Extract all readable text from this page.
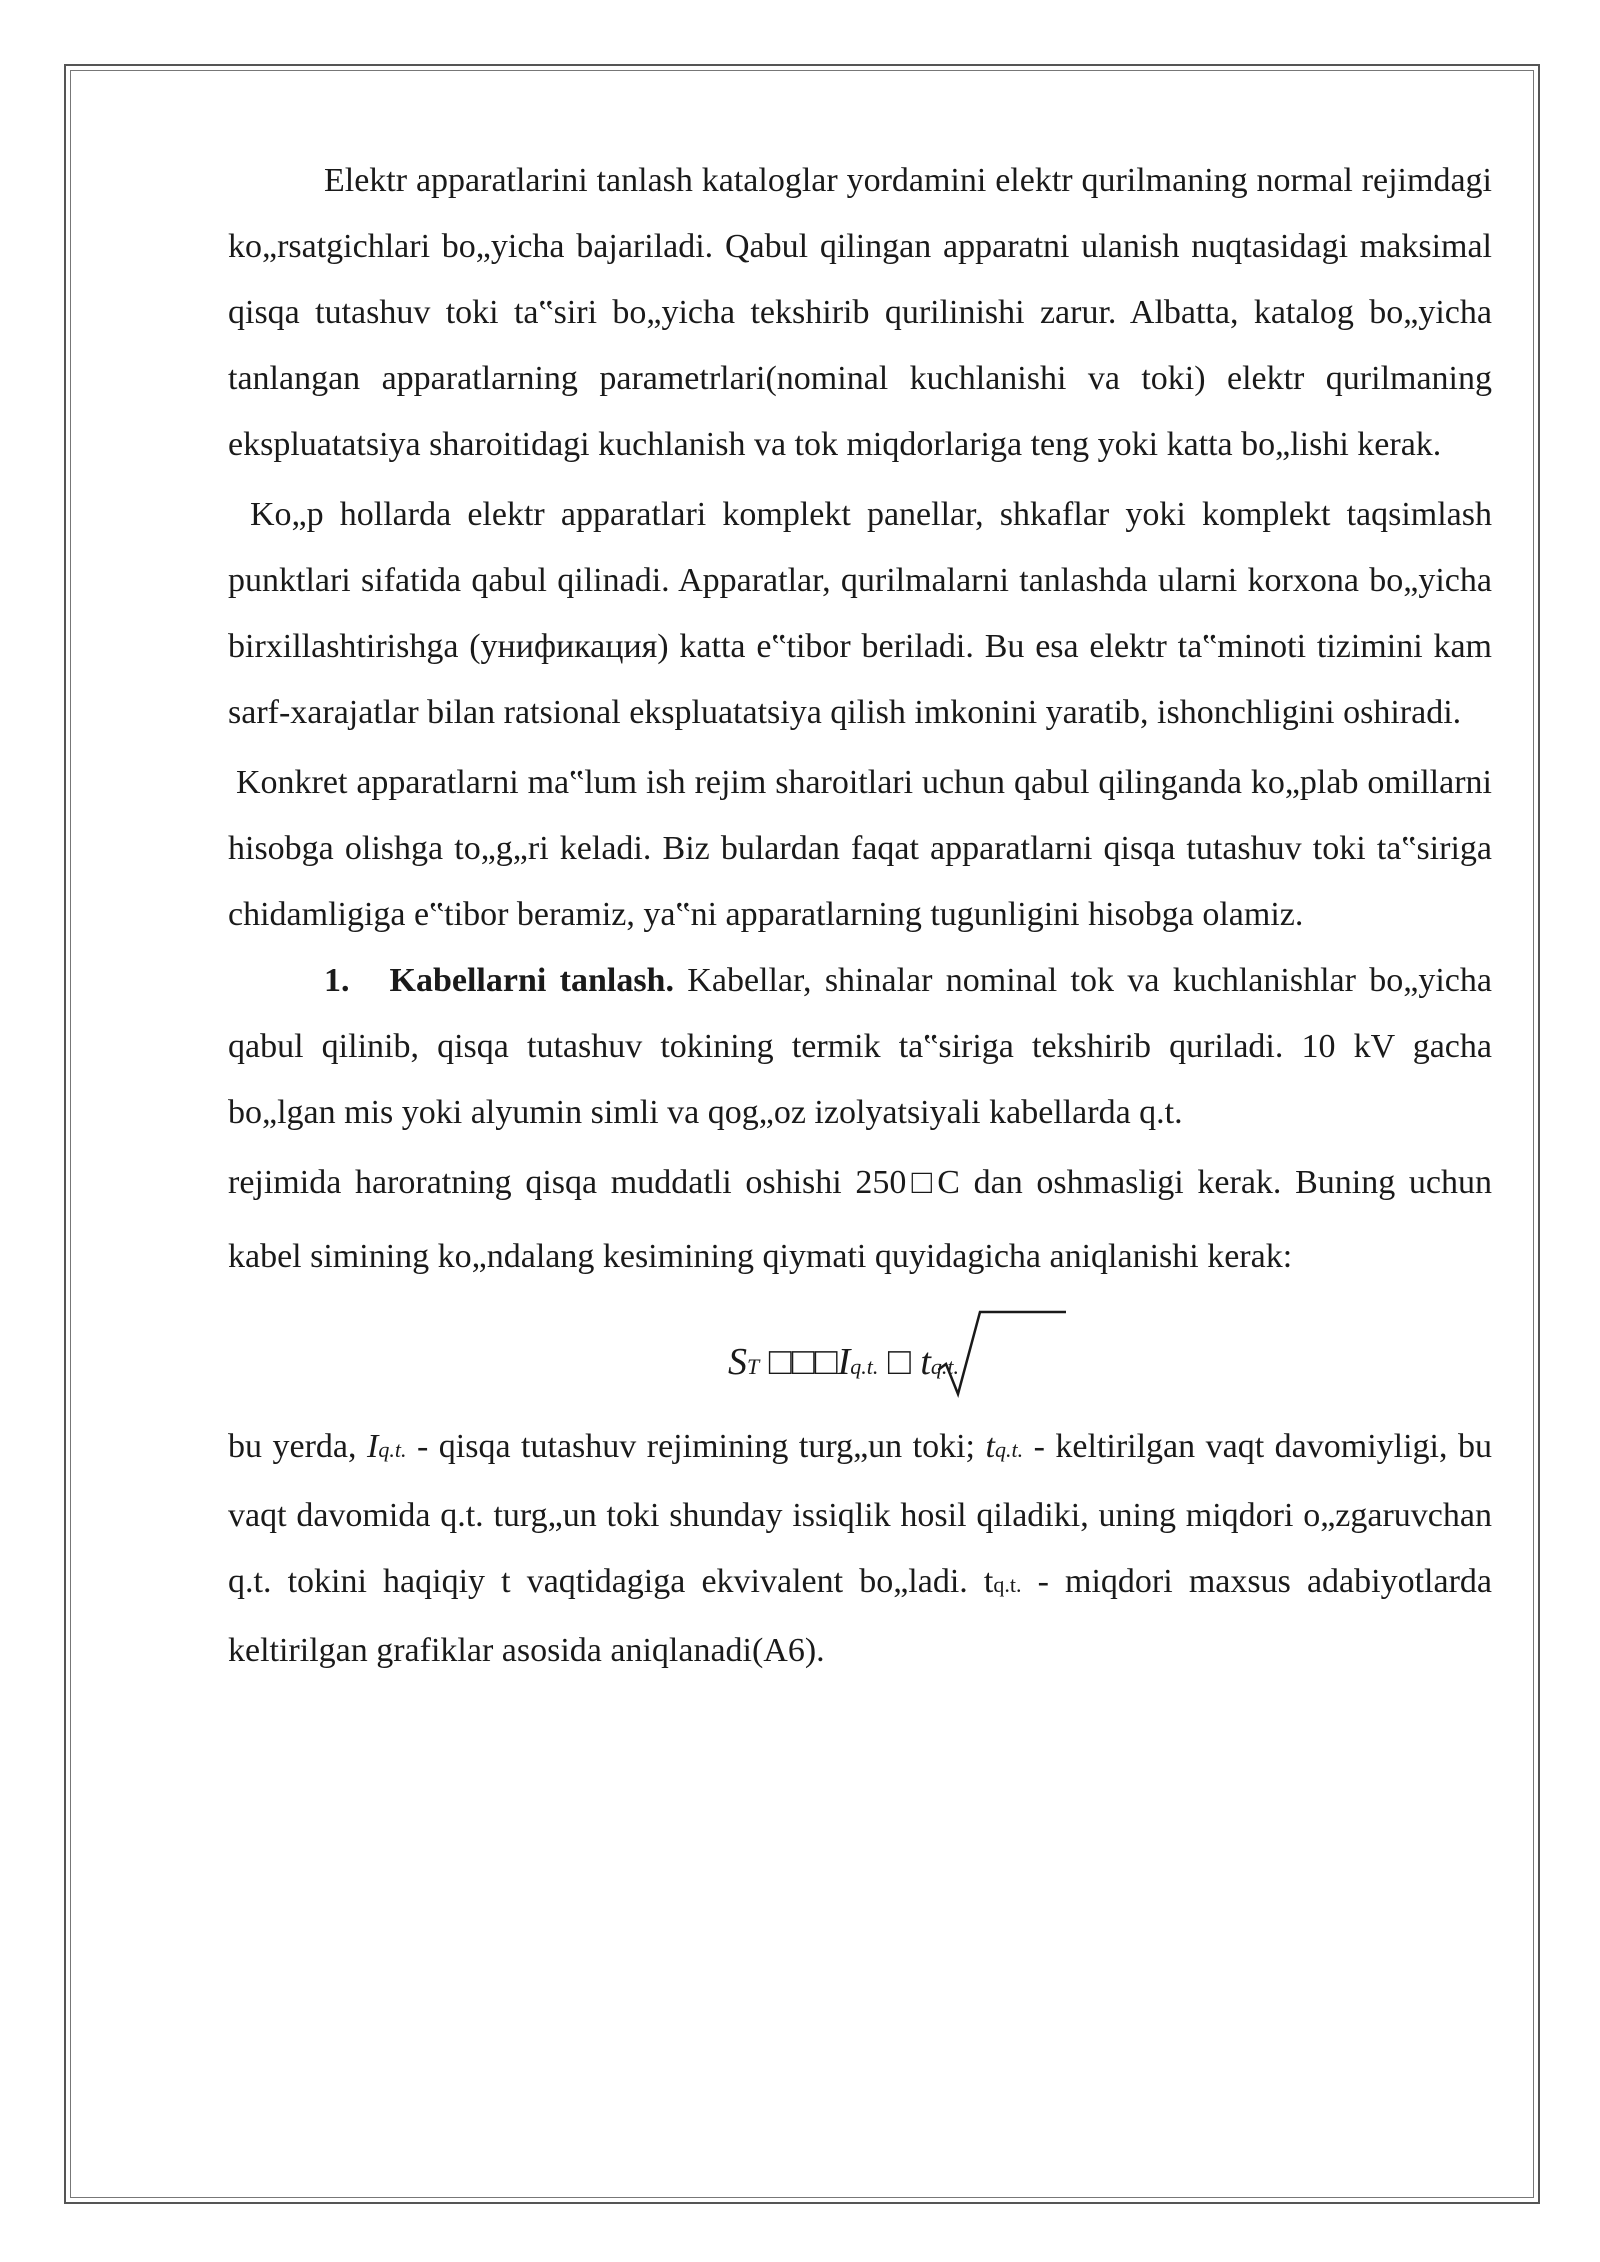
Elektr apparatlarini tanlash kataloglar yordamini elektr qurilmaning normal rejimdagi ko„rsatgichlari bo„yicha bajariladi. Qabul qilingan apparatni ulanish nuqtasidagi maksimal qisqa tutashuv toki ta‟siri bo„yicha tekshirib qurilinishi zarur. Albatta, katalog bo„yicha tanlangan apparatlarning parametrlari(nominal kuchlanishi va toki) elektr qurilmaning ekspluatatsiya sharoitidagi kuchlanish va tok miqdorlariga teng yoki katta bo„lishi kerak.

Ko„p hollarda elektr apparatlari komplekt panellar, shkaflar yoki komplekt taqsimlash punktlari sifatida qabul qilinadi. Apparatlar, qurilmalarni tanlashda ularni korxona bo„yicha birxillashtirishga (унификация) katta e‟tibor beriladi. Bu esa elektr ta‟minoti tizimini kam sarf-xarajatlar bilan ratsional ekspluatatsiya qilish imkonini yaratib, ishonchligini oshiradi.

Konkret apparatlarni ma‟lum ish rejim sharoitlari uchun qabul qilinganda ko„plab omillarni hisobga olishga to„g„ri keladi. Biz bulardan faqat apparatlarni qisqa tutashuv toki ta‟siriga chidamligiga e‟tibor beramiz, ya‟ni apparatlarning tugunligini hisobga olamiz.

1. Kabellarni tanlash. Kabellar, shinalar nominal tok va kuchlanishlar bo„yicha qabul qilinib, qisqa tutashuv tokining termik ta‟siriga tekshirib quriladi. 10 kV gacha bo„lgan mis yoki alyumin simli va qog„oz izolyatsiyali kabellarda q.t.

rejimida haroratning qisqa muddatli oshishi 250□C dan oshmasligi kerak. Buning uchun kabel simining ko„ndalang kesimining qiymati quyidagicha aniqlanishi kerak:

ST □□□Iq.t. □ tq.t.

bu yerda, Iq.t. - qisqa tutashuv rejimining turg„un toki; tq.t. - keltirilgan vaqt davomiyligi, bu vaqt davomida q.t. turg„un toki shunday issiqlik hosil qiladiki, uning miqdori o„zgaruvchan q.t. tokini haqiqiy t vaqtidagiga ekvivalent bo„ladi. tq.t. - miqdori maxsus adabiyotlarda keltirilgan grafiklar asosida aniqlanadi(A6).
